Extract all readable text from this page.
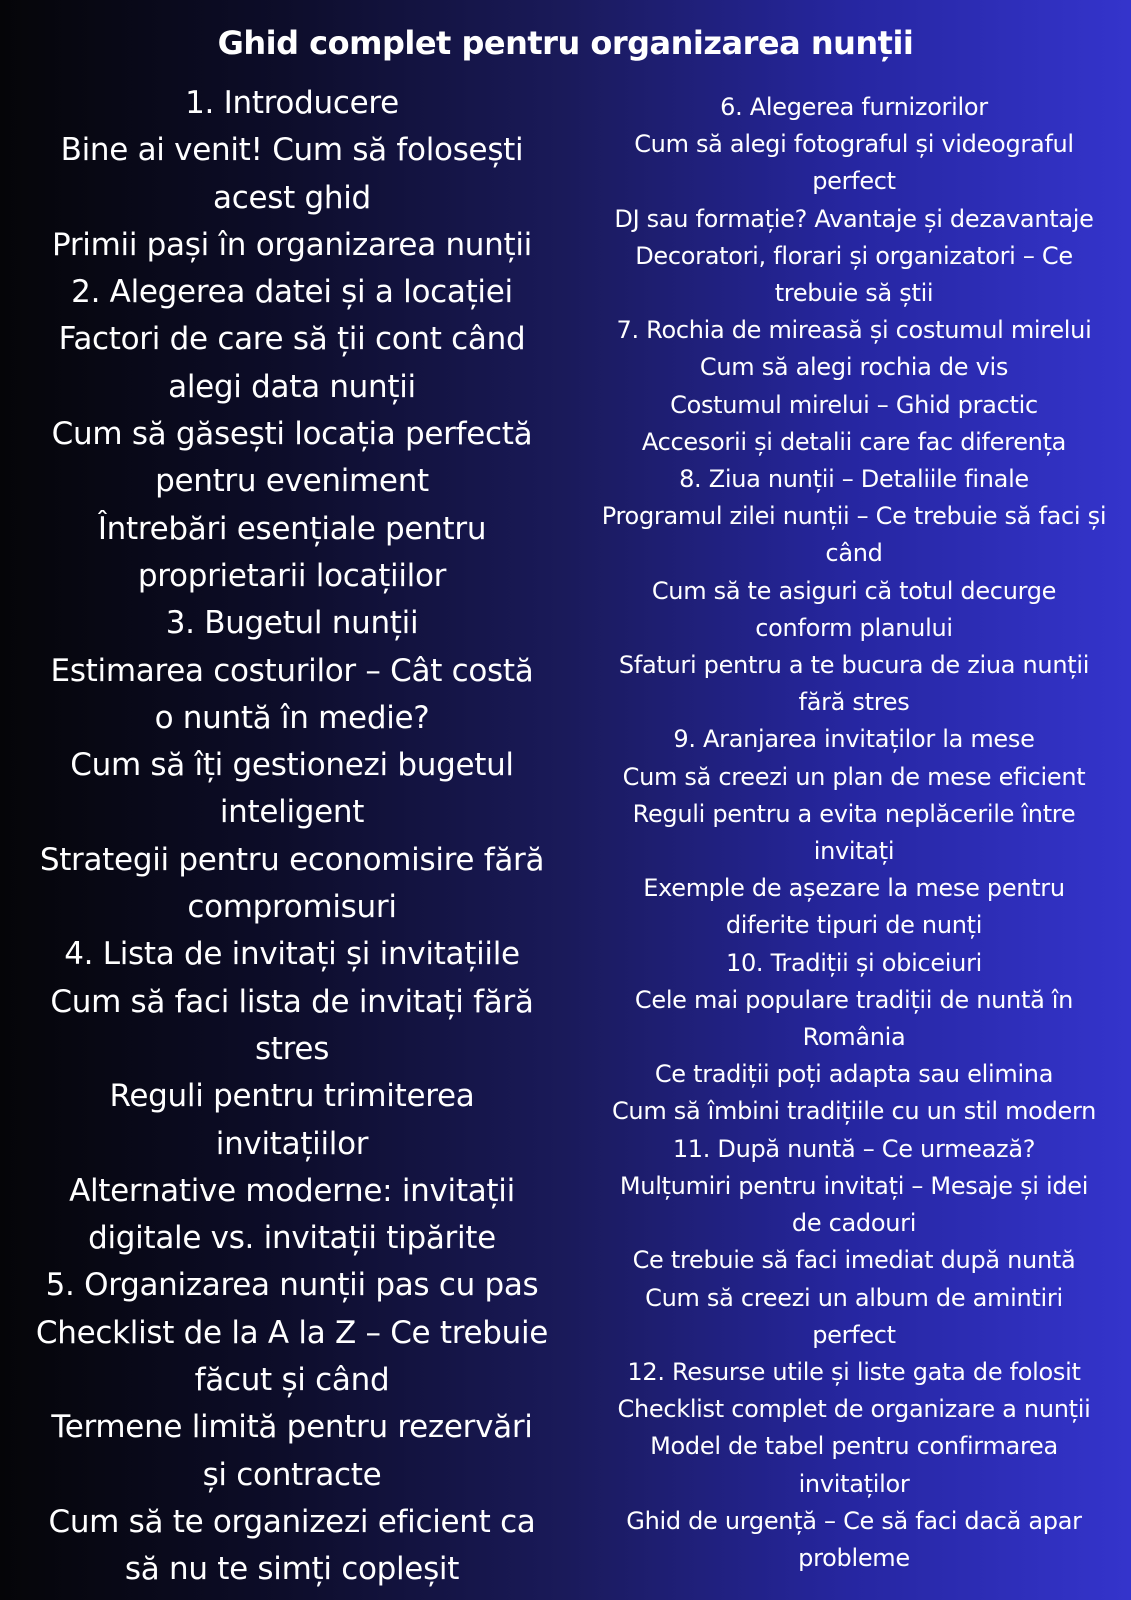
Ghid complet pentru organizarea nunții
1. Introducere
Bine ai venit! Cum să folosești
acest ghid
Primii pași în organizarea nunții
2. Alegerea datei și a locației
Factori de care să ții cont când
alegi data nunții
Cum să găsești locația perfectă
pentru eveniment
Întrebări esențiale pentru
proprietarii locațiilor
3. Bugetul nunții
Estimarea costurilor – Cât costă
o nuntă în medie?
Cum să îți gestionezi bugetul
inteligent
Strategii pentru economisire fără
compromisuri
4. Lista de invitați și invitațiile
Cum să faci lista de invitați fără
stres
Reguli pentru trimiterea
invitațiilor
Alternative moderne: invitații
digitale vs. invitații tipărite
5. Organizarea nunții pas cu pas
Checklist de la A la Z – Ce trebuie
făcut și când
Termene limită pentru rezervări
și contracte
Cum să te organizezi eficient ca
să nu te simți copleșit
6. Alegerea furnizorilor
Cum să alegi fotograful și videograful
perfect
DJ sau formație? Avantaje și dezavantaje
Decoratori, florari și organizatori – Ce
trebuie să știi
7. Rochia de mireasă și costumul mirelui
Cum să alegi rochia de vis
Costumul mirelui – Ghid practic
Accesorii și detalii care fac diferența
8. Ziua nunții – Detaliile finale
Programul zilei nunții – Ce trebuie să faci și
când
Cum să te asiguri că totul decurge
conform planului
Sfaturi pentru a te bucura de ziua nunții
fără stres
9. Aranjarea invitaților la mese
Cum să creezi un plan de mese eficient
Reguli pentru a evita neplăcerile între
invitați
Exemple de așezare la mese pentru
diferite tipuri de nunți
10. Tradiții și obiceiuri
Cele mai populare tradiții de nuntă în
România
Ce tradiții poți adapta sau elimina
Cum să îmbini tradițiile cu un stil modern
11. După nuntă – Ce urmează?
Mulțumiri pentru invitați – Mesaje și idei
de cadouri
Ce trebuie să faci imediat după nuntă
Cum să creezi un album de amintiri
perfect
12. Resurse utile și liste gata de folosit
Checklist complet de organizare a nunții
Model de tabel pentru confirmarea
invitaților
Ghid de urgență – Ce să faci dacă apar
probleme
